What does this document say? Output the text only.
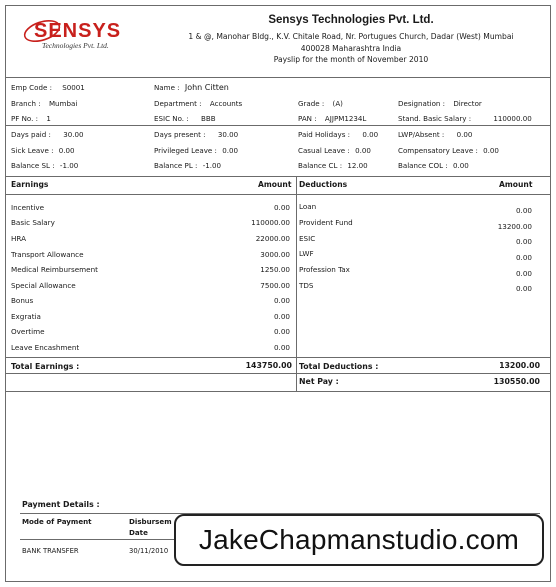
SENSYS
Technologies Pvt. Ltd.
Sensys Technologies Pvt. Ltd.
1 & @, Manohar Bldg., K.V. Chitale Road, Nr. Portugues Church, Dadar (West) Mumbai
400028 Maharashtra India
Payslip for the month of November 2010
Emp Code : S0001	Name : John Citten
Branch : Mumbai	Department : Accounts	Grade : (A)	Designation : Director
PF No. : 1	ESIC No. : BBB	PAN : AJJPM1234L	Stand. Basic Salary :	110000.00
Days paid : 30.00	Days present : 30.00	Paid Holidays : 0.00	LWP/Absent : 0.00
Sick Leave : 0.00	Privileged Leave : 0.00	Casual Leave : 0.00	Compensatory Leave : 0.00
Balance SL : -1.00	Balance PL : -1.00	Balance CL : 12.00	Balance COL : 0.00
Earnings	Amount Deductions	Amount
Incentive	0.00
Basic Salary	110000.00
HRA	22000.00
Transport Allowance	3000.00
Medical Reimbursement	1250.00
Special Allowance	7500.00
Bonus	0.00
Exgratia	0.00
Overtime	0.00
Leave Encashment	0.00
Loan	0.00
Provident Fund	13200.00
ESIC	0.00
LWF	0.00
Profession Tax	0.00
TDS	0.00
Total Earnings :	143750.00 Total Deductions :	13200.00
Net Pay :	130550.00
Payment Details :
Mode of Payment	Disbursem
Date
BANK TRANSFER	30/11/2010 JakeChapmanstudio.com
